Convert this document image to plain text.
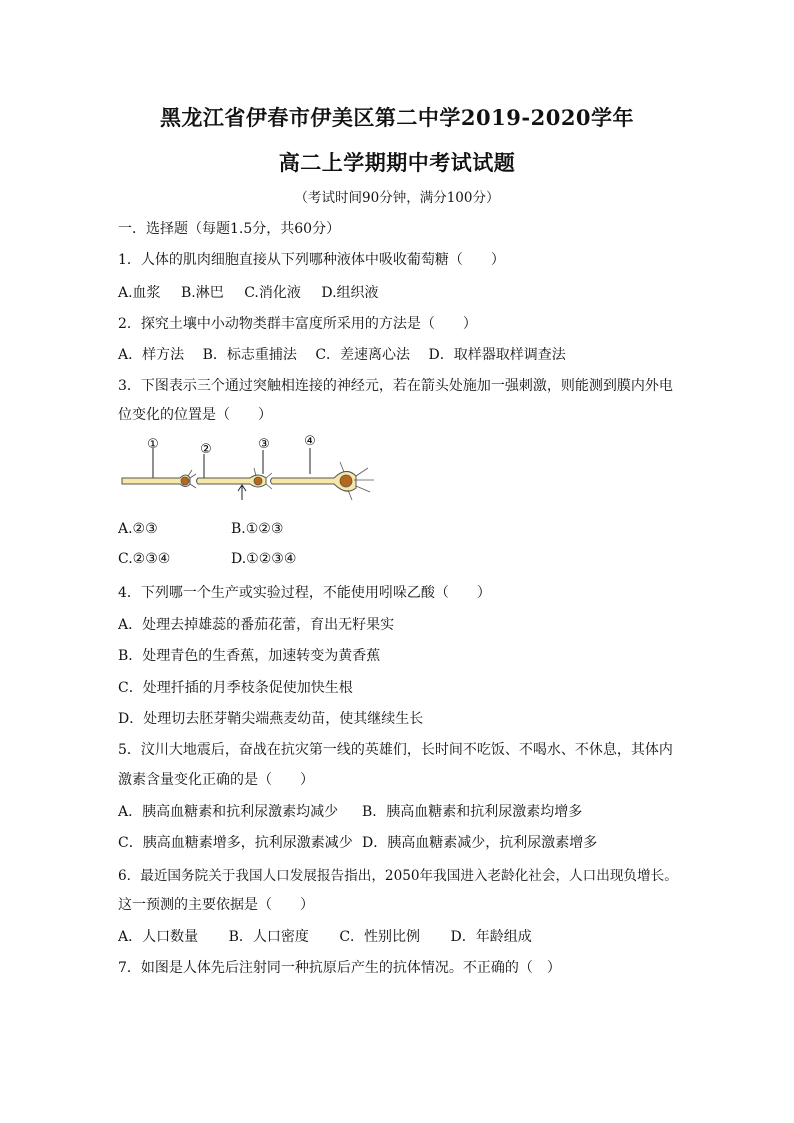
黑龙江省伊春市伊美区第二中学2019-2020学年
高二上学期期中考试试题
（考试时间90分钟，满分100分）
一．选择题（每题1.5分，共60分）
1．人体的肌肉细胞直接从下列哪种液体中吸收葡萄糖（　　）
A.血浆 B.淋巴 C.消化液 D.组织液
2．探究土壤中小动物类群丰富度所采用的方法是（　　）
A．样方法 B．标志重捕法 C．差速离心法 D．取样器取样调查法
3．下图表示三个通过突触相连接的神经元，若在箭头处施加一强刺激，则能测到膜内外电
位变化的位置是（　　）
①	②	③	④
A.②③	B.①②③
C.②③④	D.①②③④
4．下列哪一个生产或实验过程，不能使用吲哚乙酸（　　）
A．处理去掉雄蕊的番茄花蕾，育出无籽果实
B．处理青色的生香蕉，加速转变为黄香蕉
C．处理扦插的月季枝条促使加快生根
D．处理切去胚芽鞘尖端燕麦幼苗，使其继续生长
5．汶川大地震后，奋战在抗灾第一线的英雄们，长时间不吃饭、不喝水、不休息，其体内
激素含量变化正确的是（　　）
A．胰高血糖素和抗利尿激素均减少 B．胰高血糖素和抗利尿激素均增多
C．胰高血糖素增多，抗利尿激素减少 D．胰高血糖素减少，抗利尿激素增多
6．最近国务院关于我国人口发展报告指出，2050年我国进入老龄化社会，人口出现负增长。
这一预测的主要依据是（　　）
A．人口数量 B．人口密度 C．性别比例 D．年龄组成
7．如图是人体先后注射同一种抗原后产生的抗体情况。不正确的（　）
